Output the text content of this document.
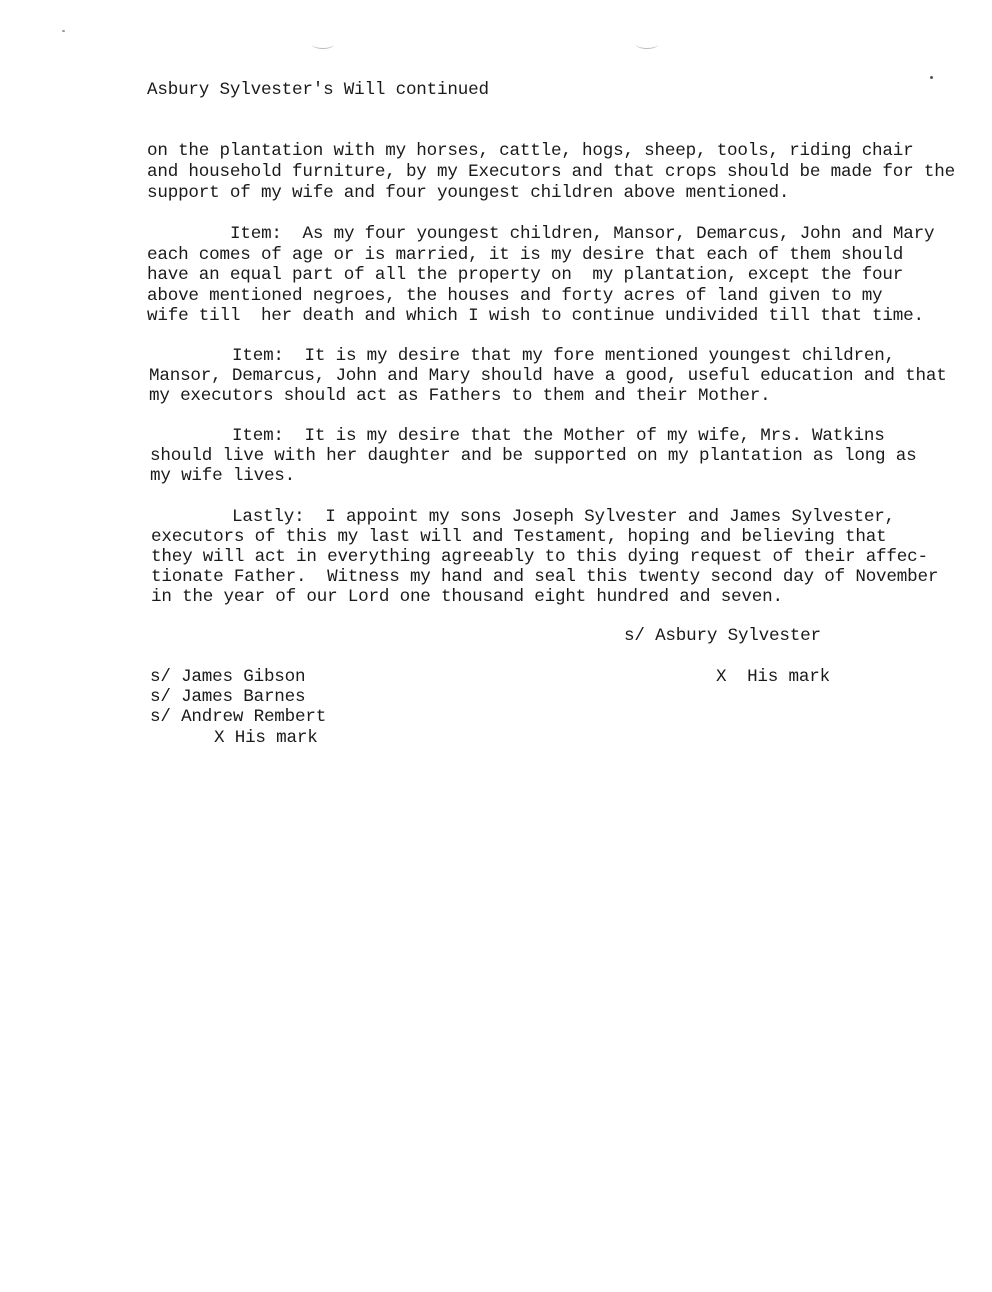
Asbury Sylvester's Will continued
on the plantation with my horses, cattle, hogs, sheep, tools, riding chair
and household furniture, by my Executors and that crops should be made for the
support of my wife and four youngest children above mentioned.
Item:  As my four youngest children, Mansor, Demarcus, John and Mary
each comes of age or is married, it is my desire that each of them should
have an equal part of all the property on  my plantation, except the four
above mentioned negroes, the houses and forty acres of land given to my
wife till  her death and which I wish to continue undivided till that time.
Item:  It is my desire that my fore mentioned youngest children,
Mansor, Demarcus, John and Mary should have a good, useful education and that
my executors should act as Fathers to them and their Mother.
Item:  It is my desire that the Mother of my wife, Mrs. Watkins
should live with her daughter and be supported on my plantation as long as
my wife lives.
Lastly:  I appoint my sons Joseph Sylvester and James Sylvester,
executors of this my last will and Testament, hoping and believing that
they will act in everything agreeably to this dying request of their affec-
tionate Father.  Witness my hand and seal this twenty second day of November
in the year of our Lord one thousand eight hundred and seven.
s/ Asbury Sylvester
X  His mark
s/ James Gibson
s/ James Barnes
s/ Andrew Rembert
X His mark
